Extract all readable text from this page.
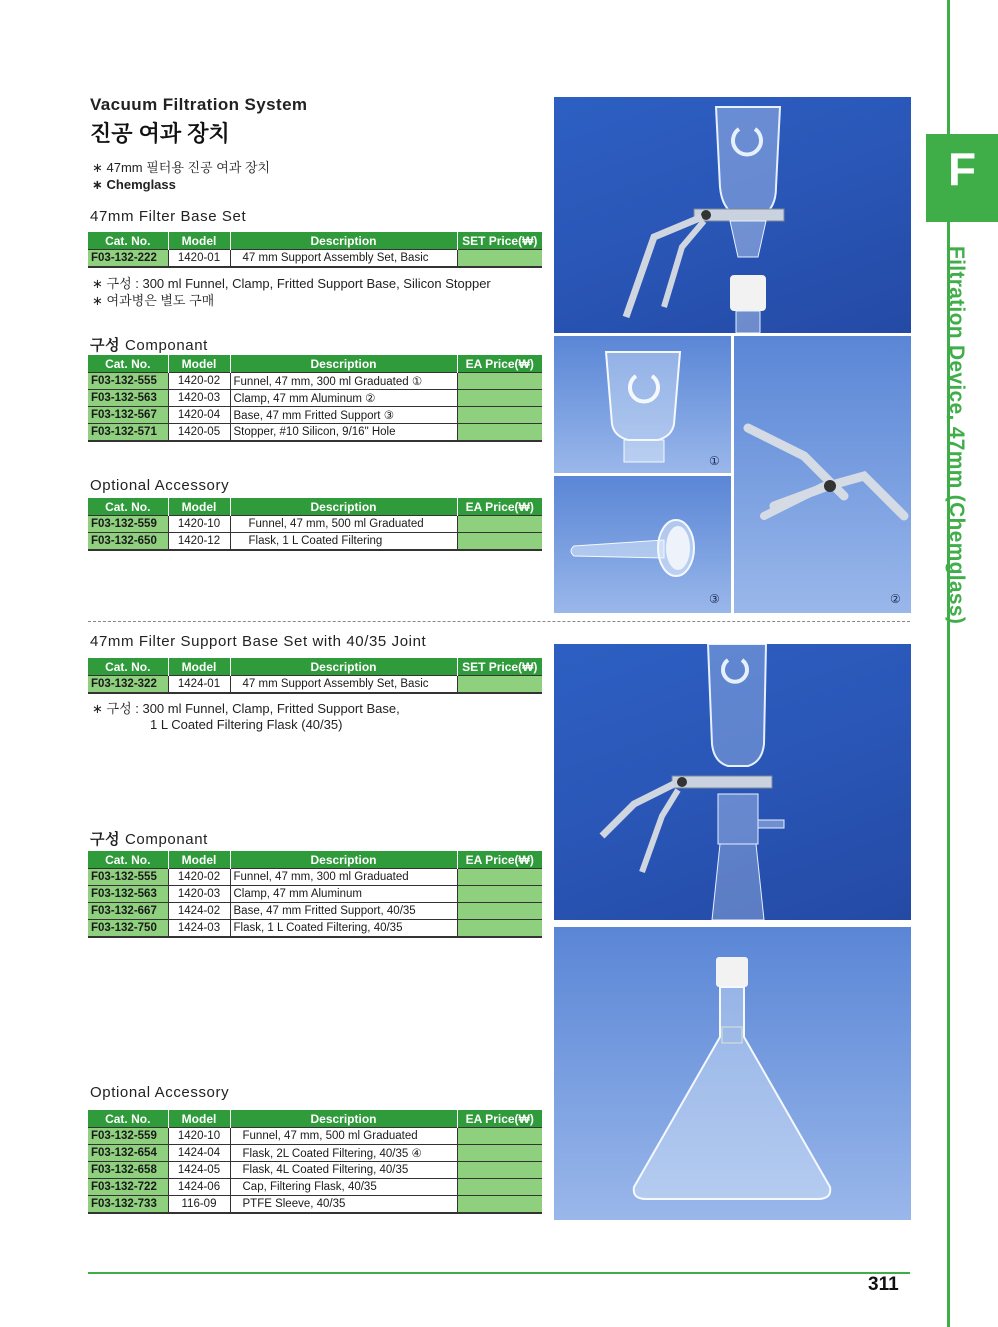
F
Filtration Device, 47mm (Chemglass)
Vacuum Filtration System
진공 여과 장치
∗ 47mm 필터용 진공 여과 장치
∗ Chemglass
47mm Filter Base Set
Cat. No.	Model	Description	SET Price(₩)
F03-132-222	1420-01	47 mm Support Assembly Set, Basic	
∗ 구성 : 300 ml Funnel, Clamp, Fritted Support Base, Silicon Stopper
∗ 여과병은 별도 구매
구성 Componant
Cat. No.	Model	Description	EA Price(₩)
F03-132-555	1420-02	Funnel, 47 mm, 300 ml Graduated ①	
F03-132-563	1420-03	Clamp, 47 mm Aluminum ②	
F03-132-567	1420-04	Base, 47 mm Fritted Support ③	
F03-132-571	1420-05	Stopper, #10 Silicon, 9/16" Hole	
Optional Accessory
Cat. No.	Model	Description	EA Price(₩)
F03-132-559	1420-10	Funnel, 47 mm, 500 ml Graduated	
F03-132-650	1420-12	Flask, 1 L Coated Filtering	
①
③	②
47mm Filter Support Base Set with 40/35 Joint
Cat. No.	Model	Description	SET Price(₩)
F03-132-322	1424-01	47 mm Support Assembly Set, Basic	
∗ 구성 : 300 ml Funnel, Clamp, Fritted Support Base,
1 L Coated Filtering Flask (40/35)
구성 Componant
Cat. No.	Model	Description	EA Price(₩)
F03-132-555	1420-02	Funnel, 47 mm, 300 ml Graduated	
F03-132-563	1420-03	Clamp, 47 mm Aluminum	
F03-132-667	1424-02	Base, 47 mm Fritted Support, 40/35	
F03-132-750	1424-03	Flask, 1 L Coated Filtering, 40/35	
Optional Accessory
Cat. No.	Model	Description	EA Price(₩)
F03-132-559	1420-10	Funnel, 47 mm, 500 ml Graduated	
F03-132-654	1424-04	Flask, 2L Coated Filtering, 40/35 ④	
F03-132-658	1424-05	Flask, 4L Coated Filtering, 40/35	
F03-132-722	1424-06	Cap, Filtering Flask, 40/35	
F03-132-733	116-09	PTFE Sleeve, 40/35	
311
